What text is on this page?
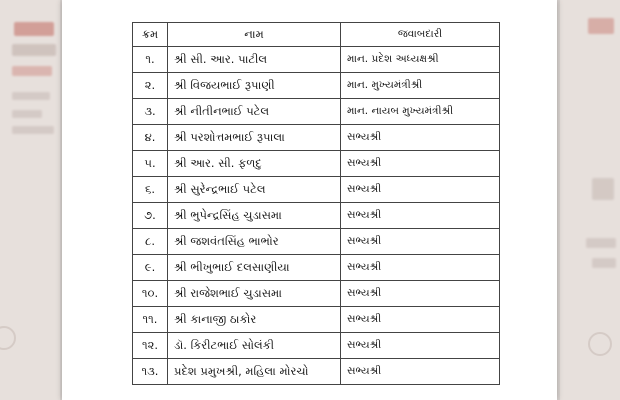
ક્રમ	નામ	જવાબદારી
૧.	શ્રી સી. આર. પાટીલ	માન. પ્રદેશ અધ્યક્ષશ્રી
૨.	શ્રી વિજયભાઈ રૂપાણી	માન. મુખ્યમંત્રીશ્રી
૩.	શ્રી નીતીનભાઈ પટેલ	માન. નાયબ મુખ્યમંત્રીશ્રી
૪.	શ્રી પરશોત્તમભાઈ રૂપાલા	સભ્યશ્રી
૫.	શ્રી આર. સી. ફળદુ	સભ્યશ્રી
૬.	શ્રી સુરેન્દ્રભાઈ પટેલ	સભ્યશ્રી
૭.	શ્રી ભુપેન્દ્રસિંહ ચુડાસમા	સભ્યશ્રી
૮.	શ્રી જશવંતસિંહ ભાભોર	સભ્યશ્રી
૯.	શ્રી ભીખુભાઈ દલસાણીયા	સભ્યશ્રી
૧૦.	શ્રી રાજેશભાઈ ચુડાસમા	સભ્યશ્રી
૧૧.	શ્રી કાનાજી ઠાકોર	સભ્યશ્રી
૧૨.	ડૉ. કિરીટભાઈ સોલંકી	સભ્યશ્રી
૧૩.	પ્રદેશ પ્રમુખશ્રી, મહિલા મોરચો	સભ્યશ્રી
